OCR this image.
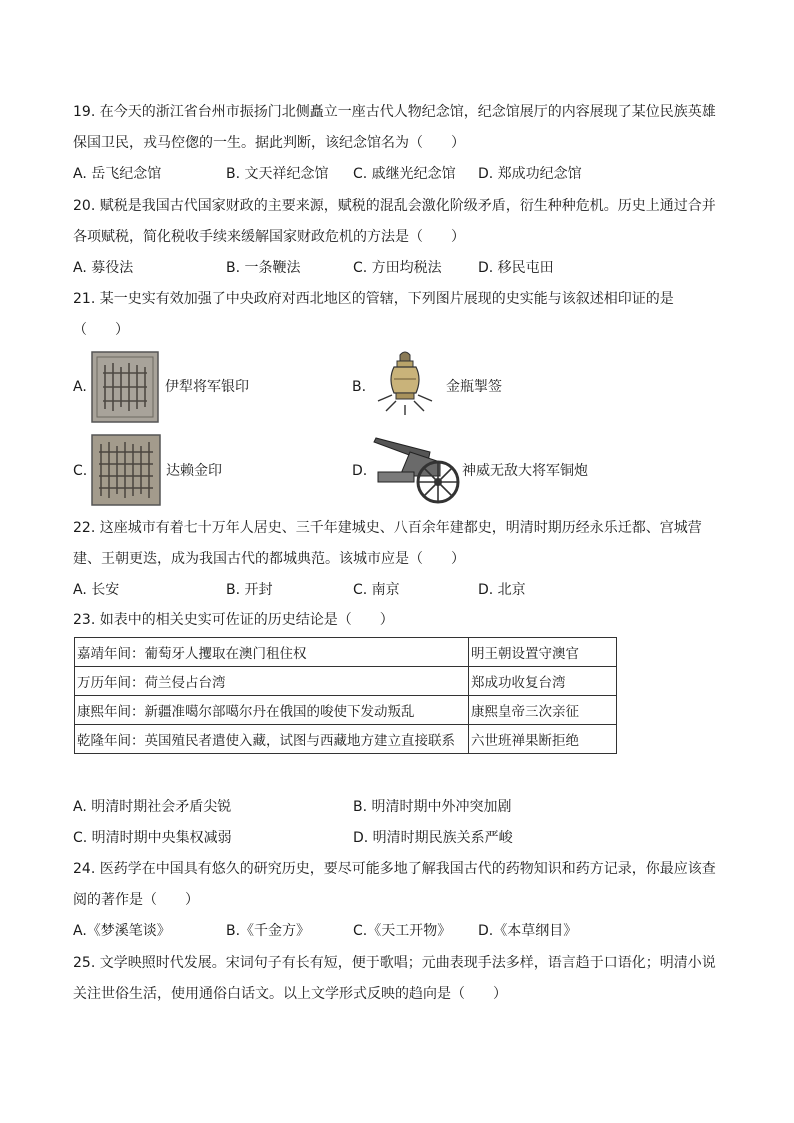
19. 在今天的浙江省台州市振扬门北侧矗立一座古代人物纪念馆，纪念馆展厅的内容展现了某位民族英雄
保国卫民，戎马倥偬的一生。据此判断，该纪念馆名为（　　）
A. 岳飞纪念馆	B. 文天祥纪念馆 C. 戚继光纪念馆 D. 郑成功纪念馆
20. 赋税是我国古代国家财政的主要来源，赋税的混乱会激化阶级矛盾，衍生种种危机。历史上通过合并
各项赋税，简化税收手续来缓解国家财政危机的方法是（　　）
A. 募役法	B. 一条鞭法	C. 方田均税法	D. 移民屯田
21. 某一史实有效加强了中央政府对西北地区的管辖，下列图片展现的史实能与该叙述相印证的是
（　　）
A.	伊犁将军银印	B.	金瓶掣签
C.	达赖金印	D.	神威无敌大将军铜炮
22. 这座城市有着七十万年人居史、三千年建城史、八百余年建都史，明清时期历经永乐迁都、宫城营
建、王朝更迭，成为我国古代的都城典范。该城市应是（　　）
A. 长安	B. 开封	C. 南京	D. 北京
23. 如表中的相关史实可佐证的历史结论是（　　）
嘉靖年间：葡萄牙人攫取在澳门租住权	明王朝设置守澳官
万历年间：荷兰侵占台湾	郑成功收复台湾
康熙年间：新疆准噶尔部噶尔丹在俄国的唆使下发动叛乱	康熙皇帝三次亲征
乾隆年间：英国殖民者遣使入藏，试图与西藏地方建立直接联系	六世班禅果断拒绝
A. 明清时期社会矛盾尖锐	B. 明清时期中外冲突加剧
C. 明清时期中央集权减弱	D. 明清时期民族关系严峻
24. 医药学在中国具有悠久的研究历史，要尽可能多地了解我国古代的药物知识和药方记录，你最应该查
阅的著作是（　　）
A.《梦溪笔谈》	B.《千金方》	C.《天工开物》 D.《本草纲目》
25. 文学映照时代发展。宋词句子有长有短，便于歌唱；元曲表现手法多样，语言趋于口语化；明清小说
关注世俗生活，使用通俗白话文。以上文学形式反映的趋向是（　　）
